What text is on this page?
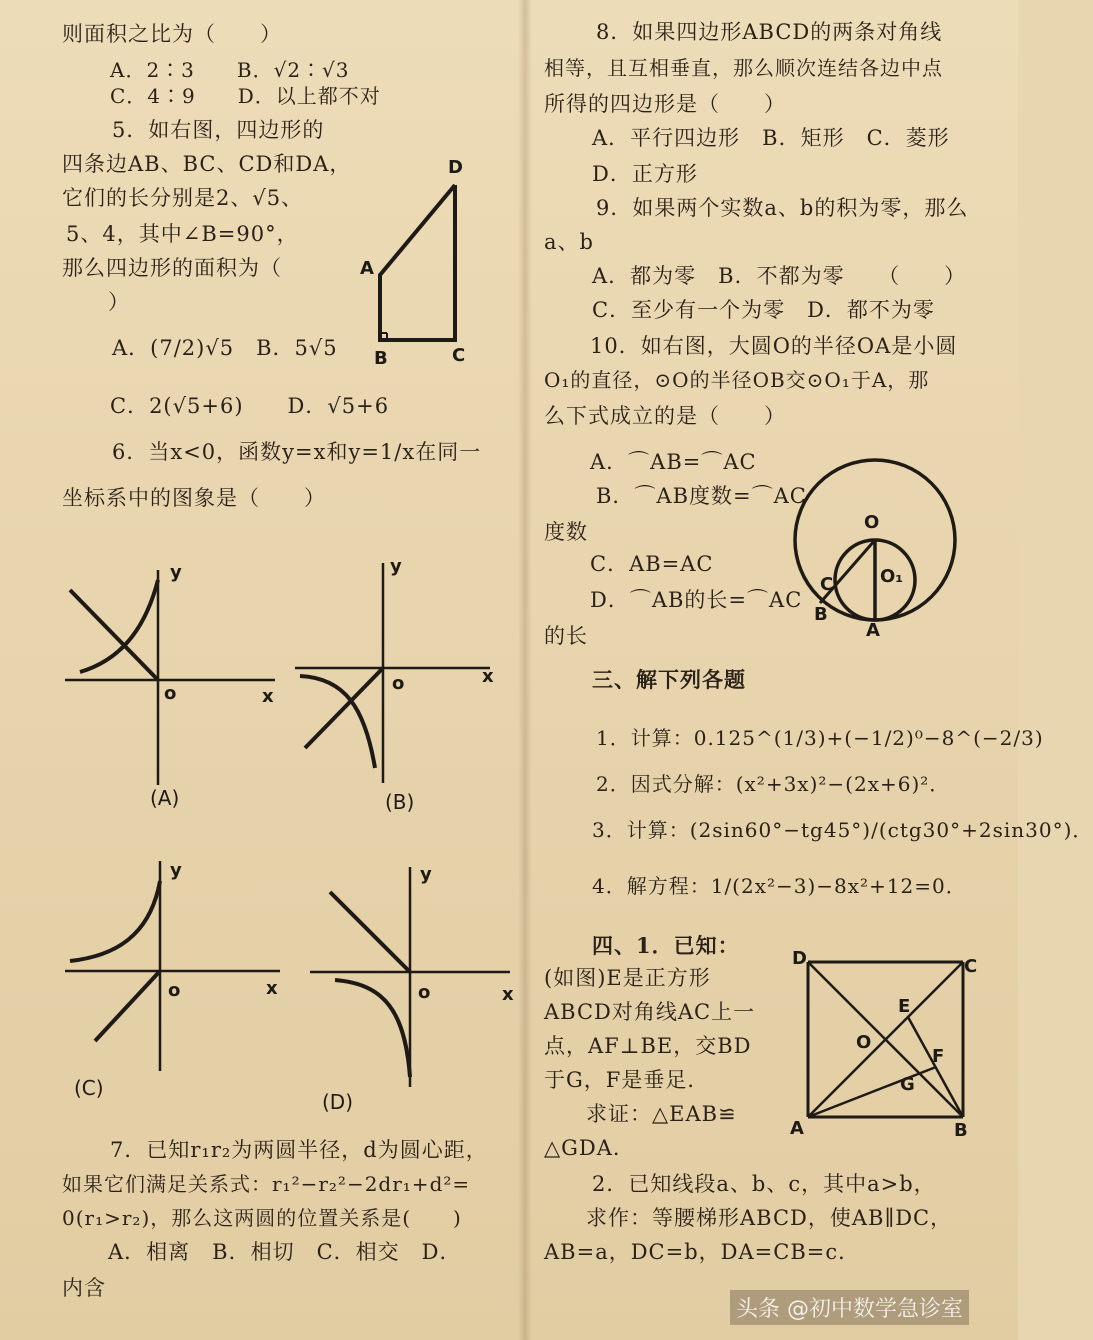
则面积之比为（　　）
A．2∶3　　B．√2∶√3
C．4∶9　　D．以上都不对
5．如右图，四边形的
四条边AB、BC、CD和DA，
它们的长分别是2、√5、
5、4，其中∠B=90°，
那么四边形的面积为（
）
A．(7/2)√5　B．5√5
C．2(√5+6)　　D．√5+6
6．当x<0，函数y=x和y=1/x在同一
坐标系中的图象是（　　）
D
A
B	C
y
x
o
(A)
y
x
o
(B)
y
x
o
(C)
y
x
o
(D)
7．已知r₁r₂为两圆半径，d为圆心距，
如果它们满足关系式：r₁²−r₂²−2dr₁+d²=
0(r₁>r₂)，那么这两圆的位置关系是(　　)
A．相离　B．相切　C．相交　D．
内含
8．如果四边形ABCD的两条对角线
相等，且互相垂直，那么顺次连结各边中点
所得的四边形是（　　）
A．平行四边形　B．矩形　C．菱形
D．正方形
9．如果两个实数a、b的积为零，那么
a、b
A．都为零　B．不都为零　　（　　）
C．至少有一个为零　D．都不为零
10．如右图，大圆O的半径OA是小圆
O₁的直径，⊙O的半径OB交⊙O₁于A，那
么下式成立的是（　　）
A．⌒AB=⌒AC
B．⌒AB度数=⌒AC
度数
C．AB=AC
D．⌒AB的长=⌒AC
的长
O
O₁
C
B
A
三、解下列各题
1．计算：0.125^(1/3)+(−1/2)⁰−8^(−2/3)
2．因式分解：(x²+3x)²−(2x+6)²．
3．计算：(2sin60°−tg45°)/(ctg30°+2sin30°)．
4．解方程：1/(2x²−3)−8x²+12=0．
四、1．已知：
(如图)E是正方形
ABCD对角线AC上一
点，AF⊥BE，交BD
于G，F是垂足．
求证：△EAB≌
△GDA．
D	C
E
O
F
G
A	B
2．已知线段a、b、c，其中a>b，
求作：等腰梯形ABCD，使AB∥DC，
AB=a，DC=b，DA=CB=c．
头条 @初中数学急诊室
